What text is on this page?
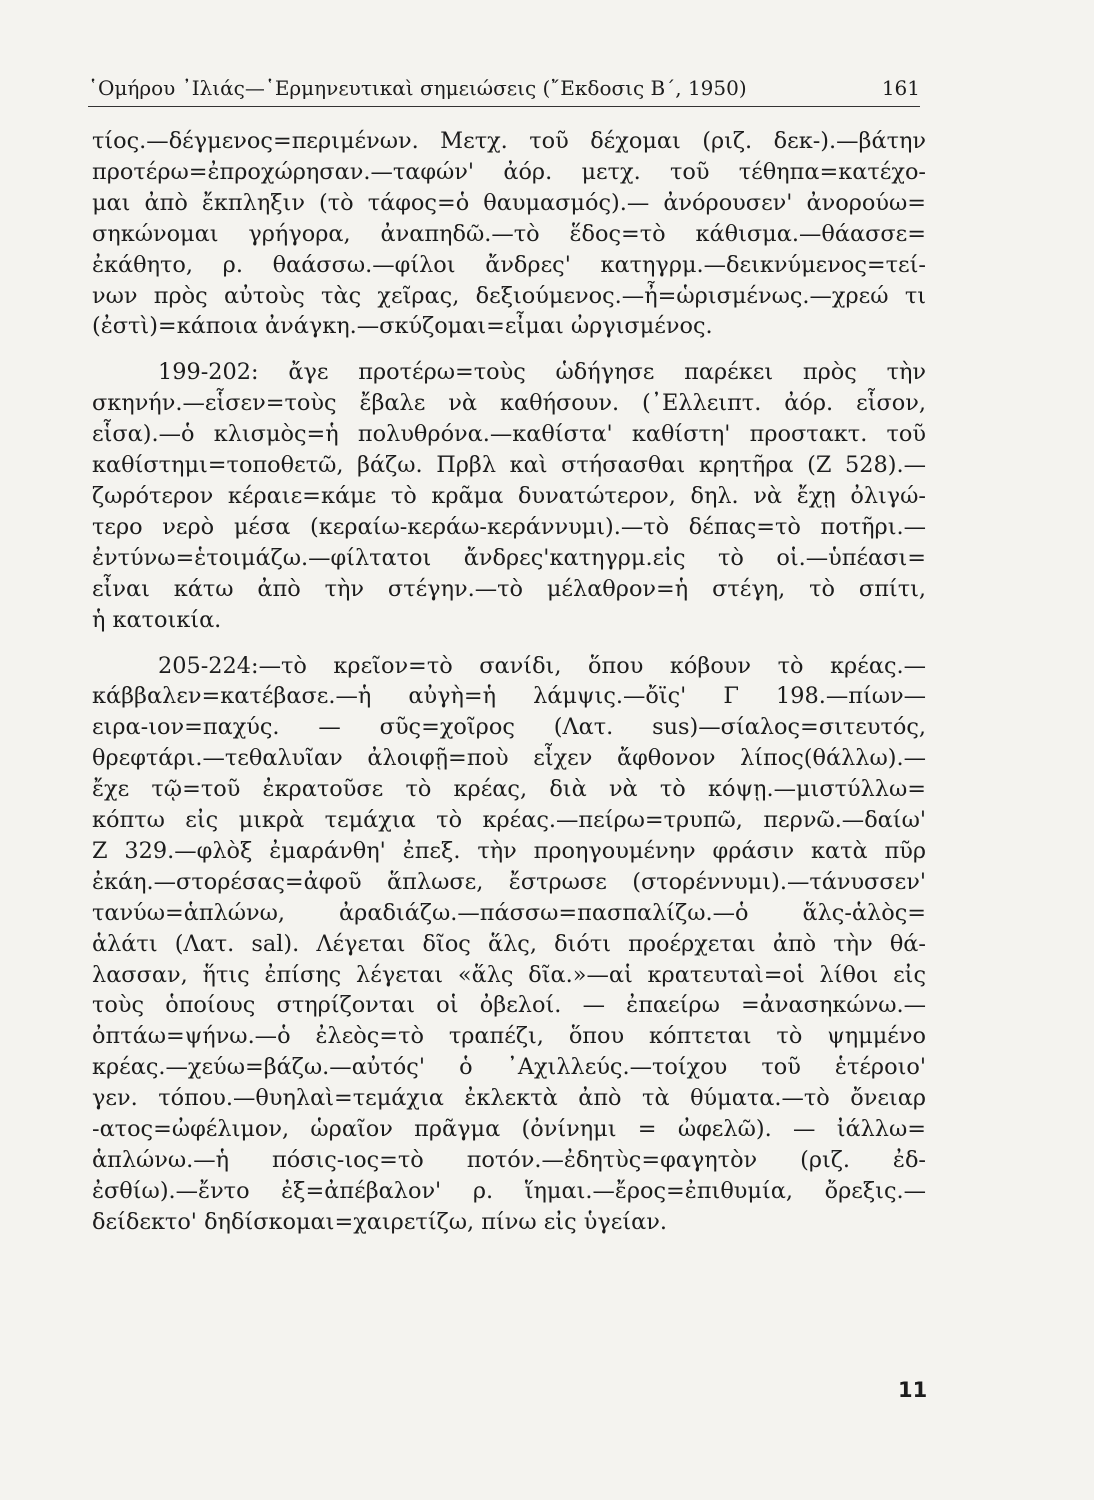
῾Ομήρου ᾿Ιλιάς—῾Ερμηνευτικαὶ σημειώσεις (῎Εκδοσις Β΄, 1950)	161
τίος.—δέγμενος=περιμένων. Μετχ. τοῦ δέχομαι (ριζ. δεκ-).—βάτην
προτέρω=ἐπροχώρησαν.—ταφών' ἀόρ. μετχ. τοῦ τέθηπα=κατέχο-
μαι ἀπὸ ἔκπληξιν (τὸ τάφος=ὁ θαυμασμός).— ἀνόρουσεν' ἀνορούω=
σηκώνομαι γρήγορα, ἀναπηδῶ.—τὸ ἕδος=τὸ κάθισμα.—θάασσε=
ἐκάθητο, ρ. θαάσσω.—φίλοι ἄνδρες' κατηγρμ.—δεικνύμενος=τεί-
νων πρὸς αὐτοὺς τὰς χεῖρας, δεξιούμενος.—ἦ=ὡρισμένως.—χρεώ τι
(ἐστὶ)=κάποια ἀνάγκη.—σκύζομαι=εἶμαι ὠργισμένος.
199-202: ἄγε προτέρω=τοὺς ὡδήγησε παρέκει πρὸς τὴν
σκηνήν.—εἷσεν=τοὺς ἔβαλε νὰ καθήσουν. (᾿Ελλειπτ. ἀόρ. εἷσον,
εἷσα).—ὁ κλισμὸς=ἡ πολυθρόνα.—καθίστα' καθίστη' προστακτ. τοῦ
καθίστημι=τοποθετῶ, βάζω. Πρβλ καὶ στήσασθαι κρητῆρα (Ζ 528).—
ζωρότερον κέραιε=κάμε τὸ κρᾶμα δυνατώτερον, δηλ. νὰ ἔχῃ ὀλιγώ-
τερο νερὸ μέσα (κεραίω-κεράω-κεράννυμι).—τὸ δέπας=τὸ ποτῆρι.—
ἐντύνω=ἑτοιμάζω.—φίλτατοι ἄνδρες'κατηγρμ.εἰς τὸ οἱ.—ὑπέασι=
εἶναι κάτω ἀπὸ τὴν στέγην.—τὸ μέλαθρον=ἡ στέγη, τὸ σπίτι,
ἡ κατοικία.
205-224:—τὸ κρεῖον=τὸ σανίδι, ὅπου κόβουν τὸ κρέας.—
κάββαλεν=κατέβασε.—ἡ αὐγὴ=ἡ λάμψις.—ὄϊς' Γ 198.—πίων—
ειρα-ιον=παχύς. — σῦς=χοῖρος (Λατ. sus)—σίαλος=σιτευτός,
θρεφτάρι.—τεθαλυῖαν ἀλοιφῇ=ποὺ εἶχεν ἄφθονον λίπος(θάλλω).—
ἔχε τῷ=τοῦ ἐκρατοῦσε τὸ κρέας, διὰ νὰ τὸ κόψῃ.—μιστύλλω=
κόπτω εἰς μικρὰ τεμάχια τὸ κρέας.—πείρω=τρυπῶ, περνῶ.—δαίω'
Ζ 329.—φλὸξ ἐμαράνθη' ἐπεξ. τὴν προηγουμένην φράσιν κατὰ πῦρ
ἐκάη.—στορέσας=ἀφοῦ ἅπλωσε, ἔστρωσε (στορέννυμι).—τάνυσσεν'
τανύω=ἁπλώνω, ἀραδιάζω.—πάσσω=πασπαλίζω.—ὁ ἅλς-ἁλὸς=
ἁλάτι (Λατ. sal). Λέγεται δῖος ἅλς, διότι προέρχεται ἀπὸ τὴν θά-
λασσαν, ἥτις ἐπίσης λέγεται «ἅλς δῖα.»—αἱ κρατευταὶ=οἱ λίθοι εἰς
τοὺς ὁποίους στηρίζονται οἱ ὀβελοί. — ἐπαείρω =ἀνασηκώνω.—
ὀπτάω=ψήνω.—ὁ ἐλεὸς=τὸ τραπέζι, ὅπου κόπτεται τὸ ψημμένο
κρέας.—χεύω=βάζω.—αὐτός' ὁ ᾿Αχιλλεύς.—τοίχου τοῦ ἑτέροιο'
γεν. τόπου.—θυηλαὶ=τεμάχια ἐκλεκτὰ ἀπὸ τὰ θύματα.—τὸ ὄνειαρ
-ατος=ὠφέλιμον, ὡραῖον πρᾶγμα (ὀνίνημι = ὠφελῶ). — ἰάλλω=
ἁπλώνω.—ἡ πόσις-ιος=τὸ ποτόν.—ἐδητὺς=φαγητὸν (ριζ. ἐδ-
ἐσθίω).—ἔντο ἐξ=ἀπέβαλον' ρ. ἵημαι.—ἔρος=ἐπιθυμία, ὄρεξις.—
δείδεκτο' δηδίσκομαι=χαιρετίζω, πίνω εἰς ὑγείαν.
11
